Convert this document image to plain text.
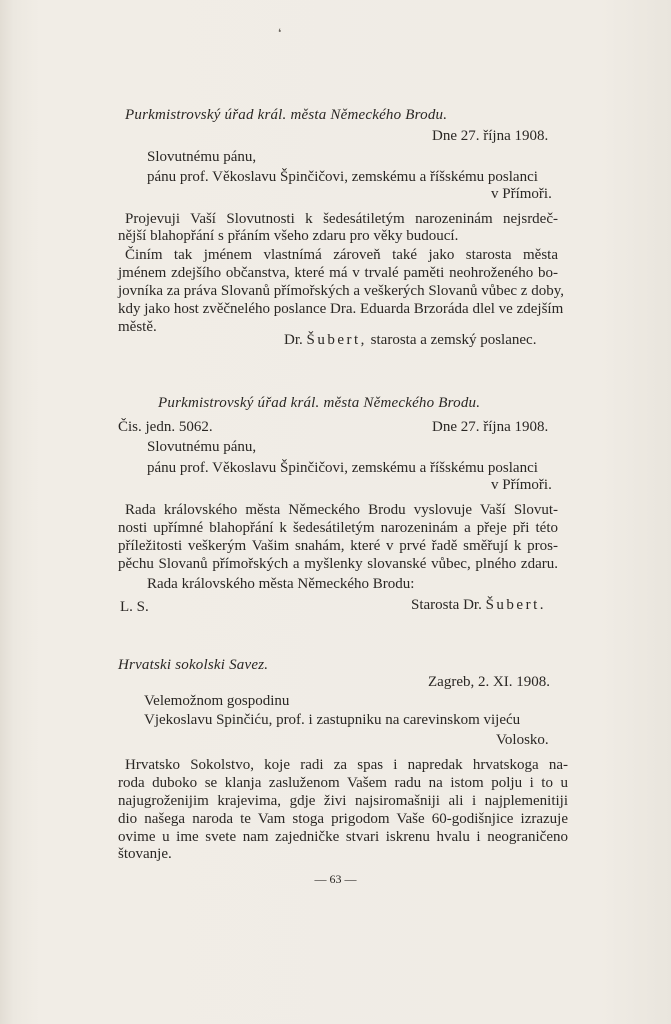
❛
Purkmistrovský úřad král. města Německého Brodu.
Dne 27. října 1908.
Slovutnému pánu,
pánu prof. Věkoslavu Špinčičovi, zemskému a říšskému poslanci
v Přímoři.
Projevuji Vaší Slovutnosti k šedesátiletým narozeninám nejsrdeč-
nější blahopřání s přáním všeho zdaru pro věky budoucí.
Činím tak jménem vlastnímá zároveň také jako starosta města
jménem zdejšího občanstva, které má v trvalé paměti neohroženého bo-
jovníka za práva Slovanů přímořských a veškerých Slovanů vůbec z doby,
kdy jako host zvěčnelého poslance Dra. Eduarda Brzoráda dlel ve zdejším
městě.
Dr. Šubert, starosta a zemský poslanec.
Purkmistrovský úřad král. města Německého Brodu.
Čis. jedn. 5062.	Dne 27. října 1908.
Slovutnému pánu,
pánu prof. Věkoslavu Špinčičovi, zemskému a říšskému poslanci
v Přímoři.
Rada královského města Německého Brodu vyslovuje Vaší Slovut-
nosti upřímné blahopřání k šedesátiletým narozeninám a přeje při této
příležitosti veškerým Vašim snahám, které v prvé řadě směřují k pros-
pěchu Slovanů přímořských a myšlenky slovanské vůbec, plného zdaru.
Rada královského města Německého Brodu:
L. S.	Starosta Dr. Šubert.
Hrvatski sokolski Savez.
Zagreb, 2. XI. 1908.
Velemožnom gospodinu
Vjekoslavu Spinčiću, prof. i zastupniku na carevinskom vijeću
Volosko.
Hrvatsko Sokolstvo, koje radi za spas i napredak hrvatskoga na-
roda duboko se klanja zasluženom Vašem radu na istom polju i to u
najugroženijim krajevima, gdje živi najsiromašniji ali i najplemenitiji
dio našega naroda te Vam stoga prigodom Vaše 60-godišnjice izrazuje
ovime u ime svete nam zajedničke stvari iskrenu hvalu i neograničeno
štovanje.
— 63 —
